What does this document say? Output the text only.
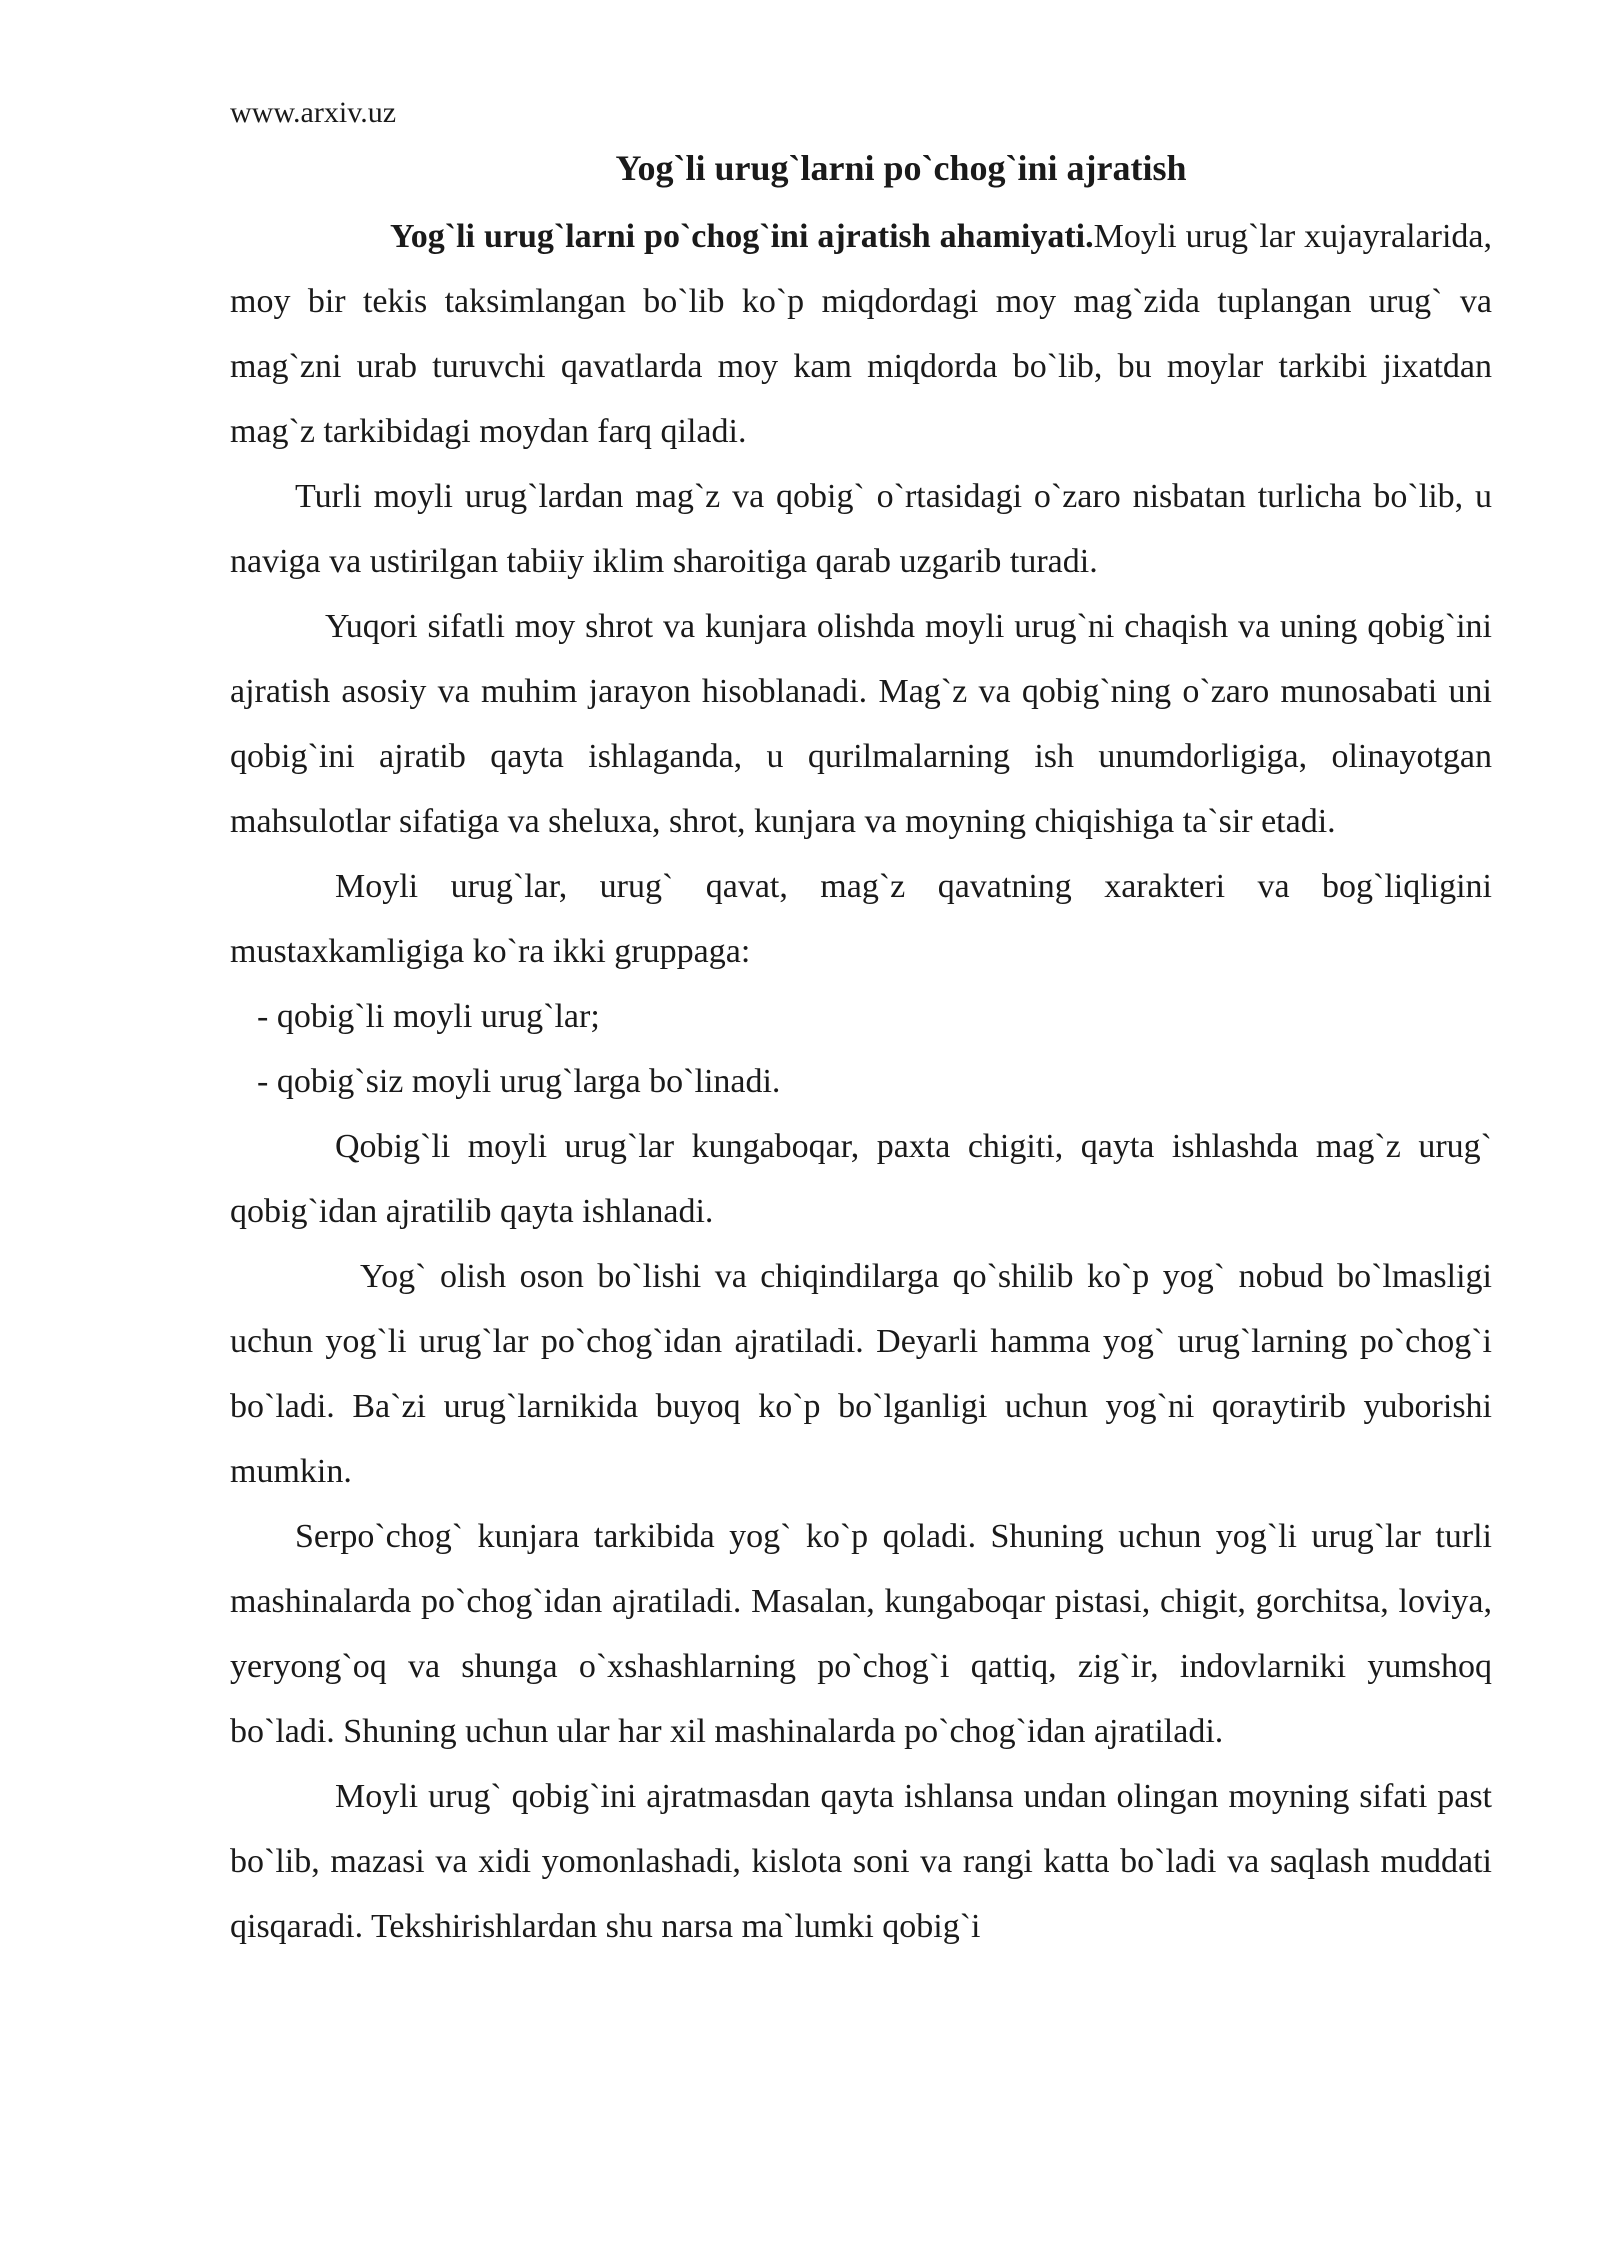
www.arxiv.uz
Yog`li urug`larni po`chog`ini ajratish

Yog`li urug`larni po`chog`ini ajratish ahamiyati.Moyli urug`lar xujayralarida, moy bir tekis taksimlangan bo`lib ko`p miqdordagi moy mag`zida tuplangan urug` va mag`zni urab turuvchi qavatlarda moy kam miqdorda bo`lib, bu moylar tarkibi jixatdan mag`z tarkibidagi moydan farq qiladi.

Turli moyli urug`lardan mag`z va qobig` o`rtasidagi o`zaro nisbatan turlicha bo`lib, u naviga va ustirilgan tabiiy iklim sharoitiga qarab uzgarib turadi.

Yuqori sifatli moy shrot va kunjara olishda moyli urug`ni chaqish va uning qobig`ini ajratish asosiy va muhim jarayon hisoblanadi. Mag`z va qobig`ning o`zaro munosabati uni qobig`ini ajratib qayta ishlaganda, u qurilmalarning ish unumdorligiga, olinayotgan mahsulotlar sifatiga va sheluxa, shrot, kunjara va moyning chiqishiga ta`sir etadi.

Moyli urug`lar, urug` qavat, mag`z qavatning xarakteri va bog`liqligini mustaxkamligiga ko`ra ikki gruppaga:

- qobig`li moyli urug`lar;

- qobig`siz moyli urug`larga bo`linadi.

Qobig`li moyli urug`lar kungaboqar, paxta chigiti, qayta ishlashda mag`z urug` qobig`idan ajratilib qayta ishlanadi.

Yog` olish oson bo`lishi va chiqindilarga qo`shilib ko`p yog` nobud bo`lmasligi uchun yog`li urug`lar po`chog`idan ajratiladi. Deyarli hamma yog` urug`larning po`chog`i bo`ladi. Ba`zi urug`larnikida buyoq ko`p bo`lganligi uchun yog`ni qoraytirib yuborishi mumkin.

Serpo`chog` kunjara tarkibida yog` ko`p qoladi. Shuning uchun yog`li urug`lar turli mashinalarda po`chog`idan ajratiladi. Masalan, kungaboqar pistasi, chigit, gorchitsa, loviya, yeryong`oq va shunga o`xshashlarning po`chog`i qattiq, zig`ir, indovlarniki yumshoq bo`ladi. Shuning uchun ular har xil mashinalarda po`chog`idan ajratiladi.

Moyli urug` qobig`ini ajratmasdan qayta ishlansa undan olingan moyning sifati past bo`lib, mazasi va xidi yomonlashadi, kislota soni va rangi katta bo`ladi va saqlash muddati qisqaradi. Tekshirishlardan shu narsa ma`lumki qobig`i
